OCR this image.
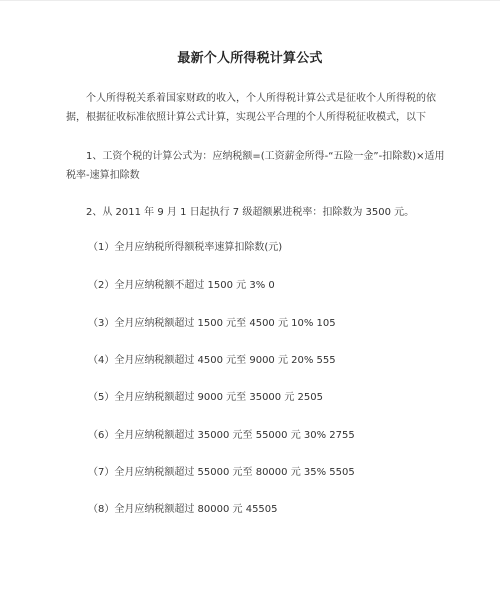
最新个人所得税计算公式
个人所得税关系着国家财政的收入，个人所得税计算公式是征收个人所得税的依据，根据征收标准依照计算公式计算，实现公平合理的个人所得税征收模式，以下
1、工资个税的计算公式为：应纳税额=(工资薪金所得-“五险一金”-扣除数)×适用税率-速算扣除数
2、从 2011 年 9 月 1 日起执行 7 级超额累进税率：扣除数为 3500 元。
（1）全月应纳税所得额税率速算扣除数(元)
（2）全月应纳税额不超过 1500 元 3% 0
（3）全月应纳税额超过 1500 元至 4500 元 10% 105
（4）全月应纳税额超过 4500 元至 9000 元 20% 555
（5）全月应纳税额超过 9000 元至 35000 元 2505
（6）全月应纳税额超过 35000 元至 55000 元 30% 2755
（7）全月应纳税额超过 55000 元至 80000 元 35% 5505
（8）全月应纳税额超过 80000 元 45505
